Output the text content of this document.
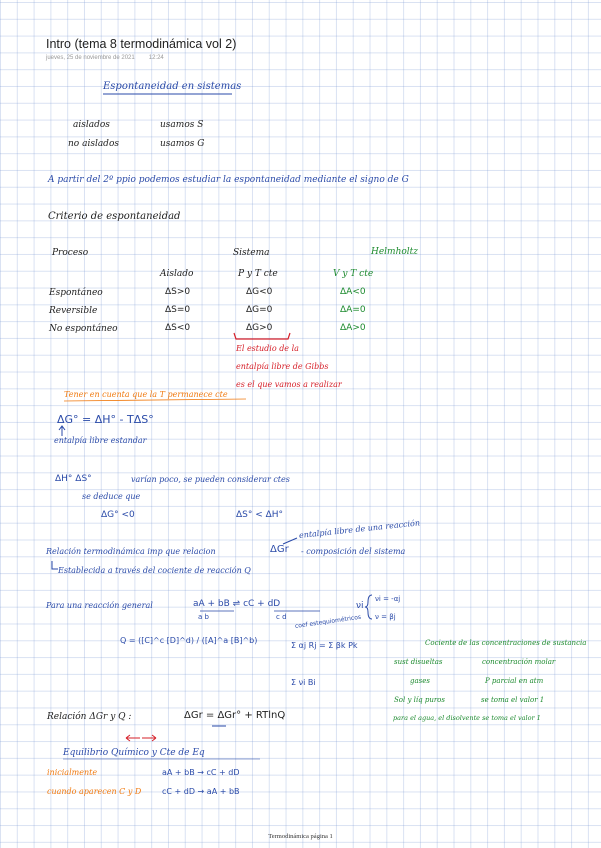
Intro (tema 8 termodinámica vol 2)
jueves, 25 de noviembre de 2021 12:24
Espontaneidad en sistemas
aislados	usamos S
no aislados	usamos G
A partir del 2º ppio podemos estudiar la espontaneidad mediante el signo de G
Criterio de espontaneidad
Proceso	Sistema	Helmholtz
Aislado	P y T cte	V y T cte
Espontáneo	ΔS>0	ΔG<0	ΔA<0
Reversible	ΔS=0	ΔG=0	ΔA=0
No espontáneo	ΔS<0	ΔG>0	ΔA>0
El estudio de la
entalpía libre de Gibbs
es el que vamos a realizar
Tener en cuenta que la T permanece cte
ΔG° = ΔH° - TΔS°
entalpía libre estandar
ΔH° ΔS°	varían poco, se pueden considerar ctes
se deduce que
ΔG° <0	ΔS° < ΔH°
entalpía libre de una reacción
Relación termodinámica imp que relacion	ΔGr - composición del sistema
Establecida a través del cociente de reacción Q
Para una reacción general	aA + bB ⇌ cC + dD
a b	c d
νi
νi = -αj
ν = βj
Q = ([C]^c [D]^d) / ([A]^a [B]^b)
coef estequiométricos
Σ αj Rj = Σ βk Pk
Σ νi Bi
Cociente de las concentraciones de sustancia
sust disueltas	concentración molar
gases	P parcial en atm
Sol y líq puros	se toma el valor 1
para el agua, el disolvente se toma el valor 1
Relación ΔGr y Q :	ΔGr = ΔGr° + RTlnQ
Equilibrio Químico y Cte de Eq
inicialmente	aA + bB → cC + dD
cuando aparecen C y D	cC + dD → aA + bB
Termodinámica página 1
